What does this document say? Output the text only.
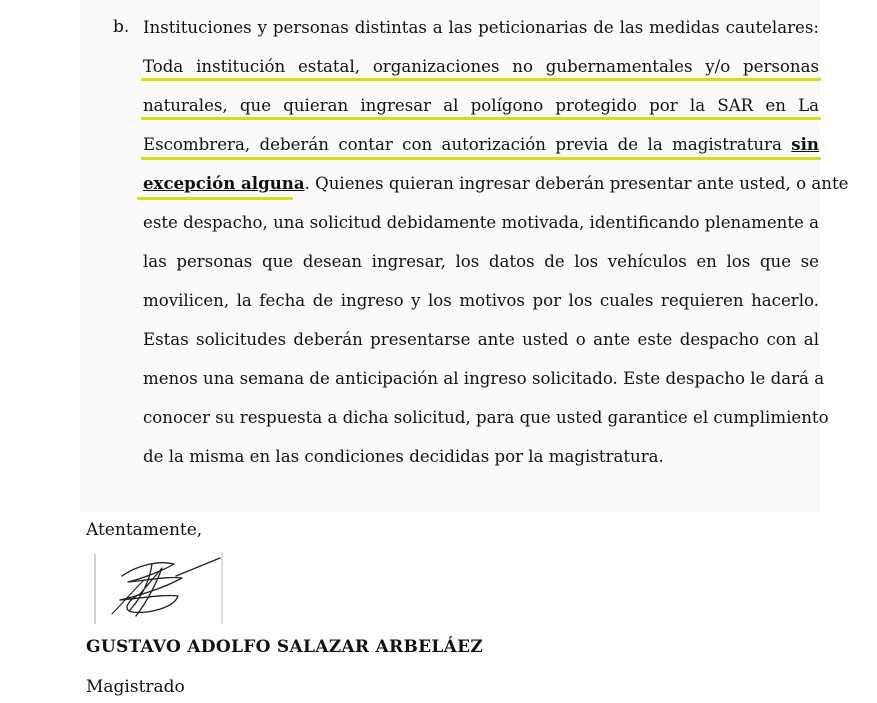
b. Instituciones y personas distintas a las peticionarias de las medidas cautelares:
Toda institución estatal, organizaciones no gubernamentales y/o personas
naturales, que quieran ingresar al polígono protegido por la SAR en La
Escombrera, deberán contar con autorización previa de la magistratura sin
excepción alguna. Quienes quieran ingresar deberán presentar ante usted, o ante
este despacho, una solicitud debidamente motivada, identificando plenamente a
las personas que desean ingresar, los datos de los vehículos en los que se
movilicen, la fecha de ingreso y los motivos por los cuales requieren hacerlo.
Estas solicitudes deberán presentarse ante usted o ante este despacho con al
menos una semana de anticipación al ingreso solicitado. Este despacho le dará a
conocer su respuesta a dicha solicitud, para que usted garantice el cumplimiento
de la misma en las condiciones decididas por la magistratura.
Atentamente,
GUSTAVO ADOLFO SALAZAR ARBELÁEZ
Magistrado
